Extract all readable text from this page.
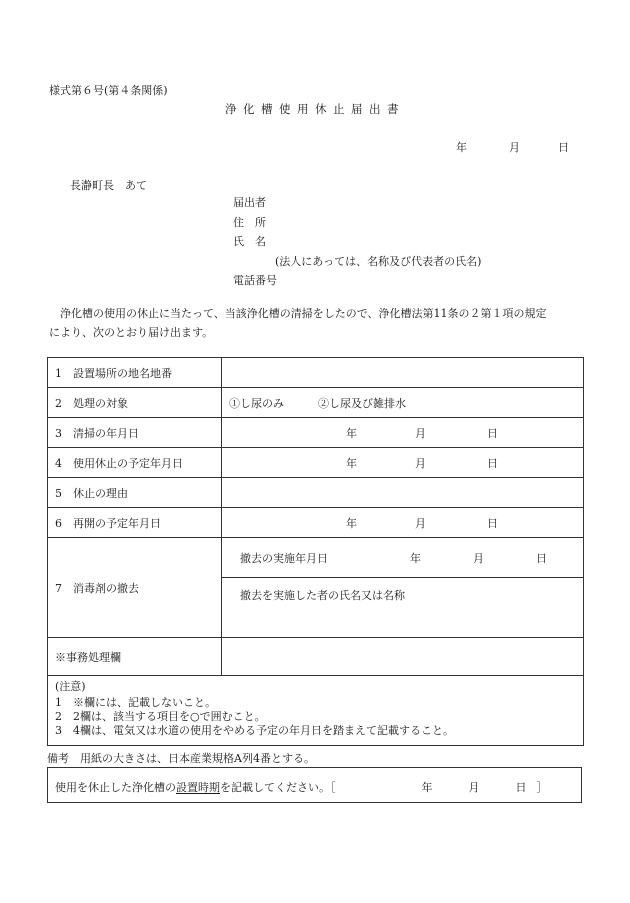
様式第６号(第４条関係)
浄化槽使用休止届出書
年	月	日
長瀞町長　あて
届出者
住　所
氏　名
(法人にあっては、名称及び代表者の氏名)
電話番号
浄化槽の使用の休止に当たって、当該浄化槽の清掃をしたので、浄化槽法第11条の２第１項の規定
により、次のとおり届け出ます。
1 設置場所の地名地番	
2 処理の対象	①し尿のみ ②し尿及び雑排水
3 清掃の年月日	年 月 日
4 使用休止の予定年月日	年 月 日
5 休止の理由	
6 再開の予定年月日	年 月 日
7 消毒剤の撤去	撤去の実施年月日 年 月 日
	撤去を実施した者の氏名又は名称
※事務処理欄	

(注意)
1　※欄には、記載しないこと。
2　2欄は、該当する項目を○で囲むこと。
3　4欄は、電気又は水道の使用をやめる予定の年月日を踏まえて記載すること。	
備考　用紙の大きさは、日本産業規格A列4番とする。
使用を休止した浄化槽の設置時期を記載してください。［	年	月	日 ］
